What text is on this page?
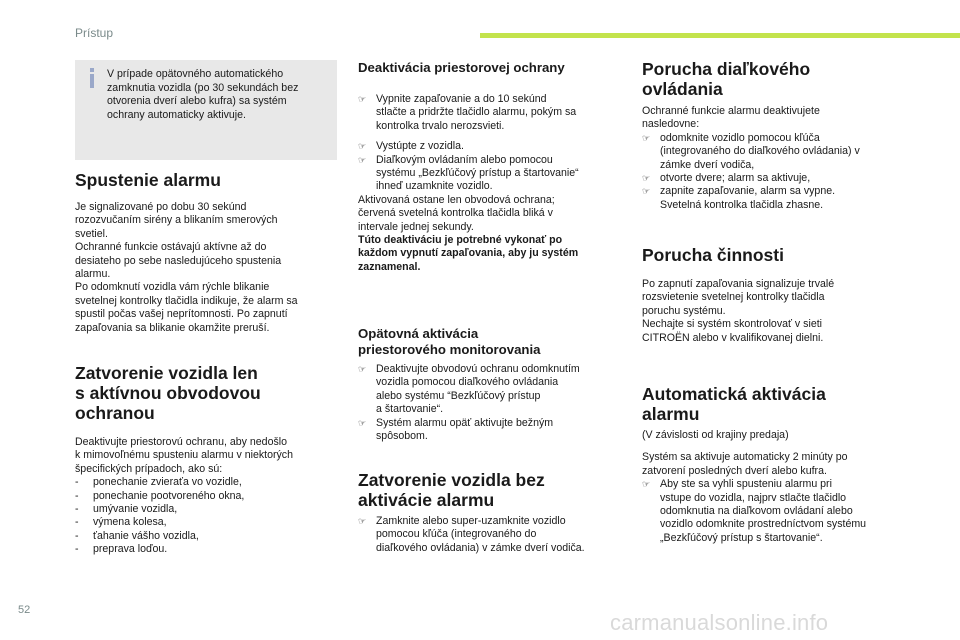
Prístup
V prípade opätovného automatického
zamknutia vozidla (po 30 sekundách bez
otvorenia dverí alebo kufra) sa systém
ochrany automaticky aktivuje.
Spustenie alarmu

Je signalizované po dobu 30 sekúnd

rozozvučaním sirény a blikaním smerových

svetiel.

Ochranné funkcie ostávajú aktívne až do

desiateho po sebe nasledujúceho spustenia

alarmu.

Po odomknutí vozidla vám rýchle blikanie

svetelnej kontrolky tlačidla indikuje, že alarm sa

spustil počas vašej neprítomnosti. Po zapnutí

zapaľovania sa blikanie okamžite preruší.

Zatvorenie vozidla len
s aktívnou obvodovou
ochranou

Deaktivujte priestorovú ochranu, aby nedošlo

k mimovoľnému spusteniu alarmu v niektorých

špecifických prípadoch, ako sú:

- ponechanie zvieraťa vo vozidle,

- ponechanie pootvoreného okna,

- umývanie vozidla,

- výmena kolesa,

- ťahanie vášho vozidla,

- preprava loďou.

Deaktivácia priestorovej ochrany
☞ Vypnite zapaľovanie a do 10 sekúnd

stlačte a pridržte tlačidlo alarmu, pokým sa

kontrolka trvalo nerozsvieti.

☞ Vystúpte z vozidla.

☞ Diaľkovým ovládaním alebo pomocou

systému „Bezkľúčový prístup a štartovanie“

ihneď uzamknite vozidlo.

Aktivovaná ostane len obvodová ochrana;

červená svetelná kontrolka tlačidla bliká v

intervale jednej sekundy.

Túto deaktiváciu je potrebné vykonať po

každom vypnutí zapaľovania, aby ju systém

zaznamenal.

Opätovná aktivácia
priestorového monitorovania
☞ Deaktivujte obvodovú ochranu odomknutím

vozidla pomocou diaľkového ovládania

alebo systému “Bezkľúčový prístup

a štartovanie“.

☞ Systém alarmu opäť aktivujte bežným

spôsobom.

Zatvorenie vozidla bez
aktivácie alarmu
☞ Zamknite alebo super-uzamknite vozidlo

pomocou kľúča (integrovaného do

diaľkového ovládania) v zámke dverí vodiča.

Porucha diaľkového
ovládania

Ochranné funkcie alarmu deaktivujete

nasledovne:

☞ odomknite vozidlo pomocou kľúča

(integrovaného do diaľkového ovládania) v

zámke dverí vodiča,

☞ otvorte dvere; alarm sa aktivuje,

☞ zapnite zapaľovanie, alarm sa vypne.

Svetelná kontrolka tlačidla zhasne.

Porucha činnosti

Po zapnutí zapaľovania signalizuje trvalé

rozsvietenie svetelnej kontrolky tlačidla

poruchu systému.

Nechajte si systém skontrolovať v sieti

CITROËN alebo v kvalifikovanej dielni.

Automatická aktivácia
alarmu

(V závislosti od krajiny predaja)

Systém sa aktivuje automaticky 2 minúty po

zatvorení posledných dverí alebo kufra.

☞ Aby ste sa vyhli spusteniu alarmu pri

vstupe do vozidla, najprv stlačte tlačidlo

odomknutia na diaľkovom ovládaní alebo

vozidlo odomknite prostredníctvom systému

„Bezkľúčový prístup s štartovanie“.

52	carmanualsonline.info
